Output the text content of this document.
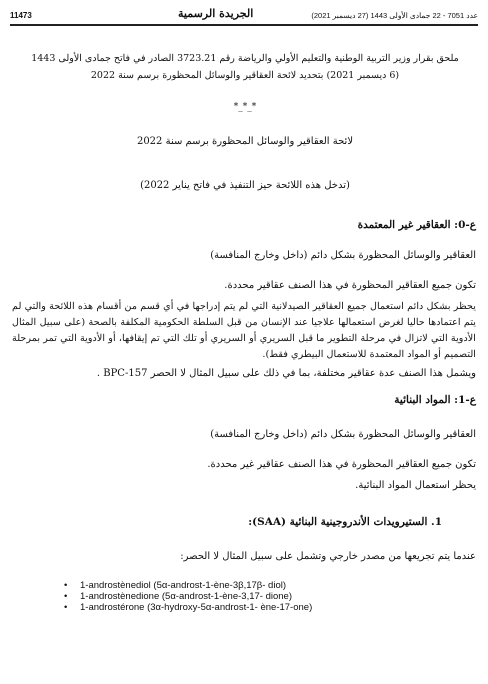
11473	الجريدة الرسمية	عدد 7051 - 22 جمادى الأولى 1443 (27 ديسمبر 2021)
ملحق بقرار وزير التربية الوطنية والتعليم الأولي والرياضة رقم 3723.21 الصادر في فاتح جمادى الأولى 1443
(6 ديسمبر 2021) بتحديد لائحة العقاقير والوسائل المحظورة برسم سنة 2022
*_*_*
لائحة العقاقير والوسائل المحظورة برسم سنة 2022
(تدخل هذه اللائحة حيز التنفيذ في فاتح يناير 2022)
ع-0: العقاقير غير المعتمدة
العقاقير والوسائل المحظورة بشكل دائم (داخل وخارج المنافسة)
تكون جميع العقاقير المحظورة في هذا الصنف عقاقير محددة.
يحظر بشكل دائم استعمال جميع العقاقير الصيدلانية التي لم يتم إدراجها في أي قسم من أقسام هذه اللائحة والتي لم يتم اعتمادها حاليا لغرض استعمالها علاجيا عند الإنسان من قبل السلطة الحكومية المكلفة بالصحة (على سبيل المثال الأدوية التي لاتزال في مرحلة التطوير ما قبل السريري أو السريري أو تلك التي تم إيقافها، أو الأدوية التي تمر بمرحلة التصميم أو المواد المعتمدة للاستعمال البيطري فقط).
ويشمل هذا الصنف عدة عقاقير مختلفة، بما في ذلك على سبيل المثال لا الحصر BPC-157 .
ع-1: المواد البنائية
العقاقير والوسائل المحظورة بشكل دائم (داخل وخارج المنافسة)
تكون جميع العقاقير المحظورة في هذا الصنف عقاقير غير محددة.
يحظر استعمال المواد البنائية.
1. الستيرويدات الأندروجينية البنائية (SAA):
عندما يتم تجريعها من مصدر خارجي وتشمل على سبيل المثال لا الحصر:
• 1-androstènediol (5α-androst-1-ène-3β,17β- diol)
• 1-androstènedione (5α-androst-1-ène-3,17- dione)
• 1-androstérone (3α-hydroxy-5α-androst-1- ène-17-one)
